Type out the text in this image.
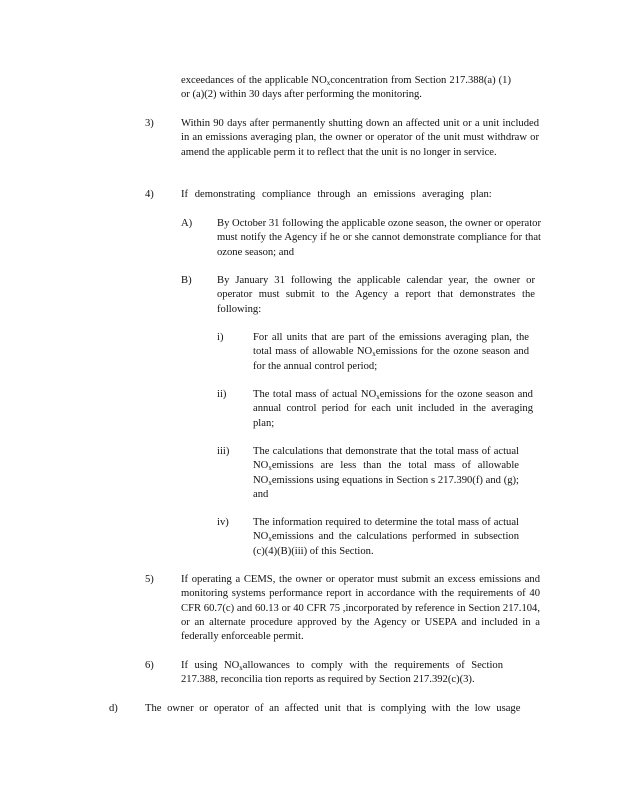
exceedances of the applicable $NO_xconcentration$ from Section 217.388(a) (1) or (a)(2) within 30 days after performing the monitoring.

3)	Within 90 days after permanently shutting down an affected unit or a unit included in an emissions averaging plan, the owner or operator of the unit must withdraw or amend the applicable perm it to reflect that the unit is no longer in service.

4)	If demonstrating compliance through an emissions averaging plan:

A) By October 31 following the applicable ozone season, the owner or operator must notify the Agency if he or she cannot demonstrate compliance for that ozone season; and

B) By January 31 following the applicable calendar year, the owner or operator must submit to the Agency a report that demonstrates the following:

i)	For all units that are part of the emissions averaging plan, the total mass of allowable $NO_xemissions$ for the ozone season and for the annual control period;

ii)	The total mass of actual $NO_xemissions$ for the ozone season and annual control period for each unit included in the averaging plan;

iii) The calculations that demonstrate that the total mass of actual $NO_xemissions$ are less than the total mass of allowable $NO_xemissions$ using equations in Section s 217.390(f) and (g); and

iv) The information required to determine the total mass of actual $NO_xemissions$ and the calculations performed in subsection (c)(4)(B)(iii) of this Section.

5)	If operating a CEMS, the owner or operator must submit an excess emissions and monitoring systems performance report in accordance with the requirements of 40 CFR 60.7(c) and 60.13 or 40 CFR 75 ,incorporated by reference in Section 217.104, or an alternate procedure approved by the Agency or USEPA and included in a federally enforceable permit.

6)	If using $NO_xallowances$ to comply with the requirements of Section 217.388, reconcilia tion reports as required by Section 217.392(c)(3).

d)	The owner or operator of an affected unit that is complying with the low usage
